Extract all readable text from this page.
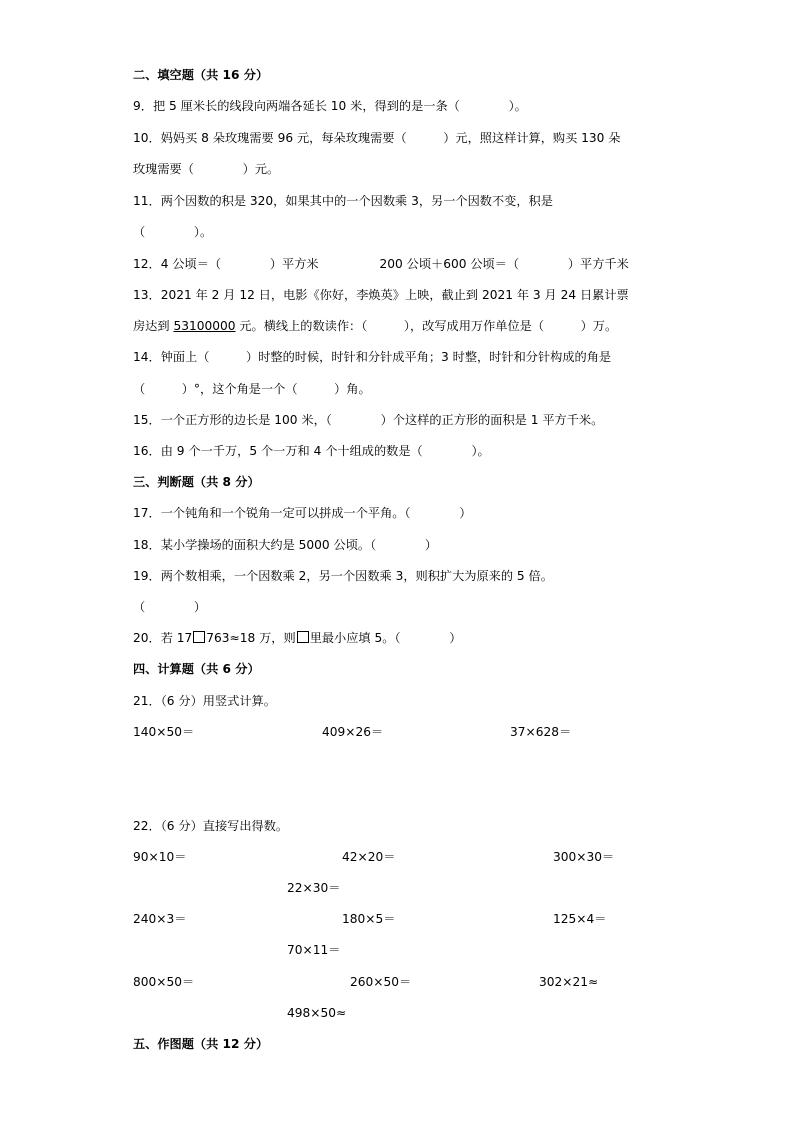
二、填空题（共 16 分）
9．把 5 厘米长的线段向两端各延长 10 米，得到的是一条（　　　　）。
10．妈妈买 8 朵玫瑰需要 96 元，每朵玫瑰需要（　　　）元，照这样计算，购买 130 朵
玫瑰需要（　　　　）元。
11．两个因数的积是 320，如果其中的一个因数乘 3，另一个因数不变，积是
（　　　　）。
12．4 公顷＝（　　　　）平方米　　　　　200 公顷＋600 公顷＝（　　　　）平方千米
13．2021 年 2 月 12 日，电影《你好，李焕英》上映，截止到 2021 年 3 月 24 日累计票
房达到 53100000 元。横线上的数读作：（　　　），改写成用万作单位是（　　　）万。
14．钟面上（　　　）时整的时候，时针和分针成平角；3 时整，时针和分针构成的角是
（　　　）°，这个角是一个（　　　）角。
15．一个正方形的边长是 100 米，（　　　　）个这样的正方形的面积是 1 平方千米。
16．由 9 个一千万，5 个一万和 4 个十组成的数是（　　　　）。
三、判断题（共 8 分）
17．一个钝角和一个锐角一定可以拼成一个平角。（　　　　）
18．某小学操场的面积大约是 5000 公顷。（　　　　）
19．两个数相乘，一个因数乘 2，另一个因数乘 3，则积扩大为原来的 5 倍。
（　　　　）
20．若 17 763≈18 万，则 里最小应填 5。（　　　　）
四、计算题（共 6 分）
21．（6 分）用竖式计算。
140×50＝	409×26＝	37×628＝
22．（6 分）直接写出得数。
90×10＝	42×20＝	300×30＝
22×30＝
240×3＝	180×5＝	125×4＝
70×11＝
800×50＝	260×50＝	302×21≈
498×50≈
五、作图题（共 12 分）
